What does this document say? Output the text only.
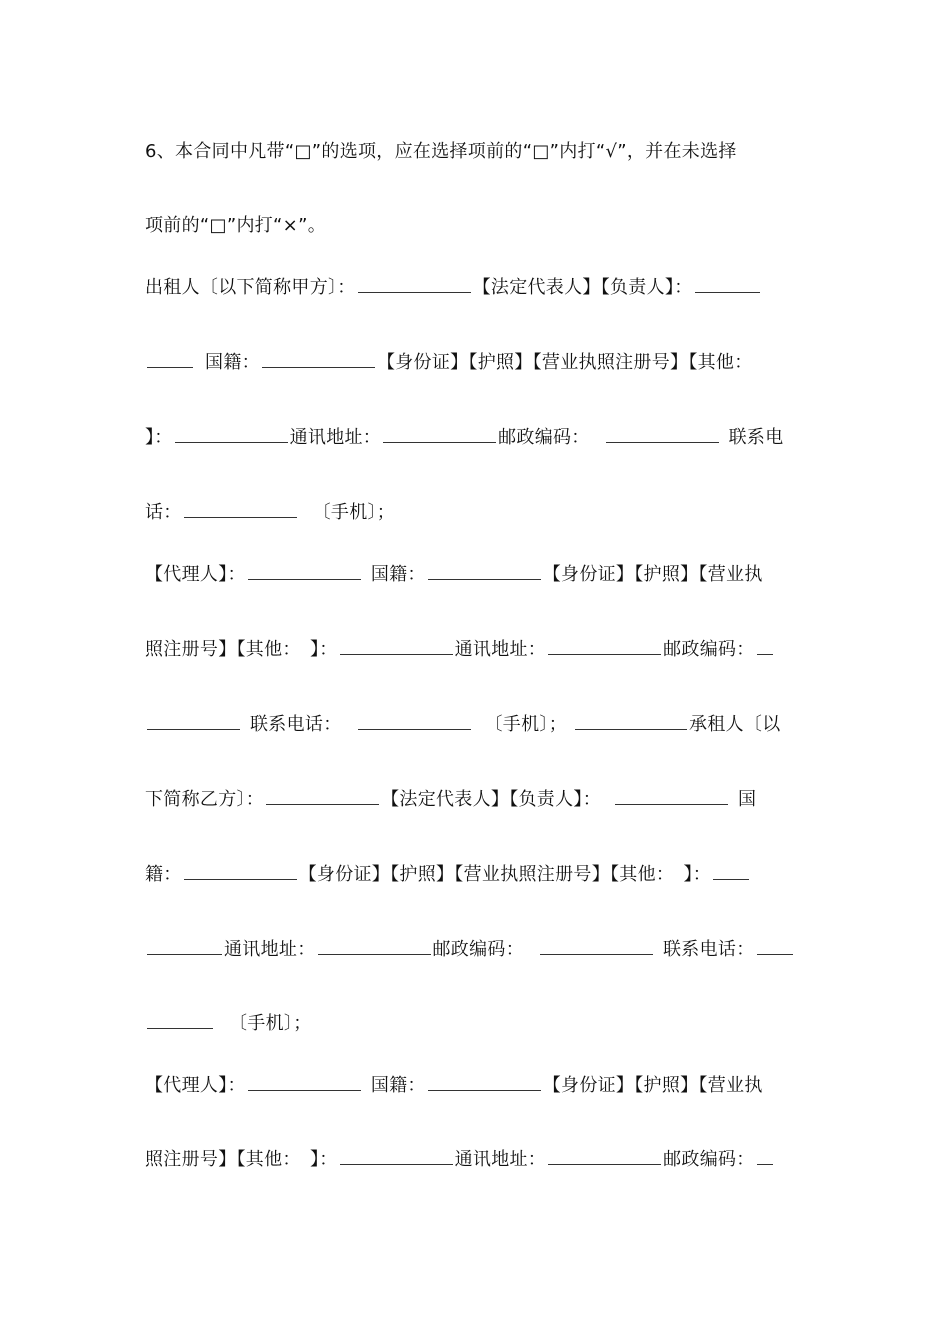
6、本合同中凡带“□”的选项，应在选择项前的“□”内打“√”，并在未选择
项前的“□”内打“×”。
出租人〔以下简称甲方〕：	【法定代表人】【负责人】：
国籍：	【身份证】【护照】【营业执照注册号】【其他：
】：	通讯地址：	邮政编码：	联系电
话：	〔手机〕；
【代理人】：	国籍：	【身份证】【护照】【营业执
照注册号】【其他：　】：	通讯地址：	邮政编码：
联系电话：	〔手机〕；	承租人〔以
下简称乙方〕：	【法定代表人】【负责人】：	国
籍：	【身份证】【护照】【营业执照注册号】【其他：　】：
通讯地址：	邮政编码：	联系电话：
〔手机〕；
【代理人】：	国籍：	【身份证】【护照】【营业执
照注册号】【其他：　】：	通讯地址：	邮政编码：
